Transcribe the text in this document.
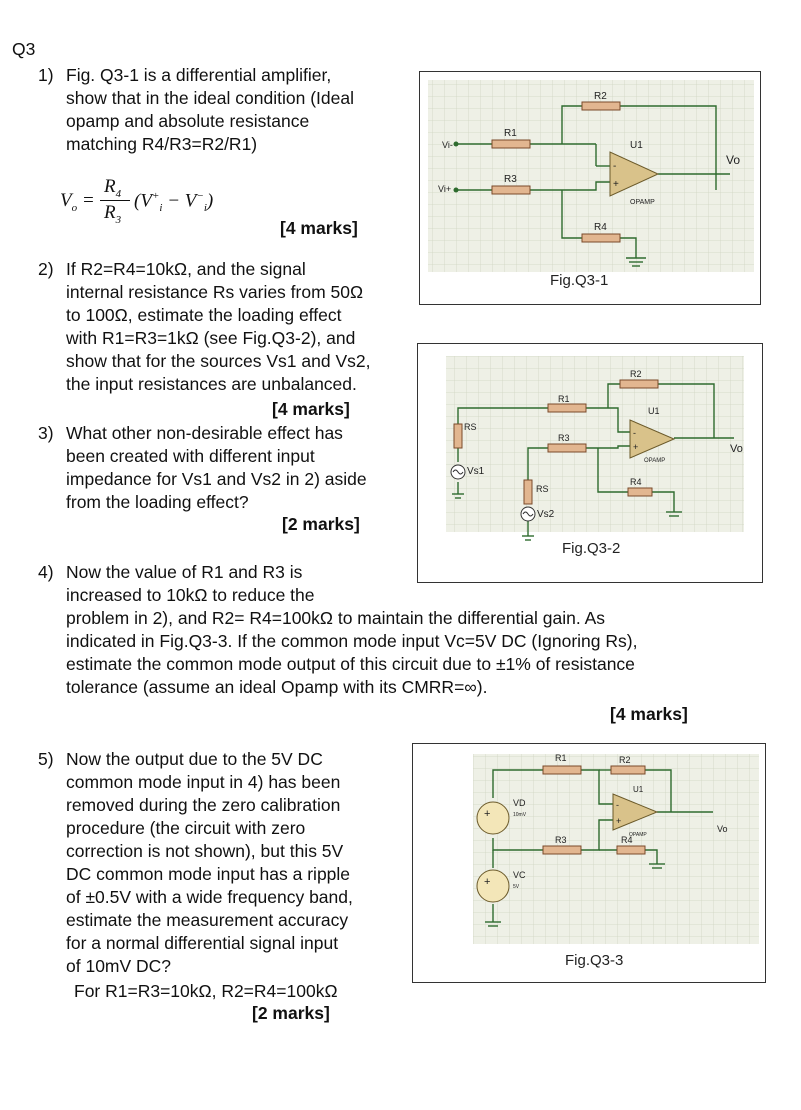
Q3
1) Fig. Q3-1 is a differential amplifier,
show that in the ideal condition (Ideal
opamp and absolute resistance
matching R4/R3=R2/R1)
$V_o$ =
$R_4$
$R_3$
$(V^+_i - V^-_i)$
[4 marks]
2) If R2=R4=10kΩ, and the signal
internal resistance Rs varies from 50Ω
to 100Ω, estimate the loading effect
with R1=R3=1kΩ (see Fig.Q3-2), and
show that for the sources Vs1 and Vs2,
the input resistances are unbalanced.
[4 marks]
3) What other non-desirable effect has
been created with different input
impedance for Vs1 and Vs2 in 2) aside
from the loading effect?
[2 marks]
4) Now the value of R1 and R3 is
increased to 10kΩ to reduce the
problem in 2), and R2= R4=100kΩ to maintain the differential gain. As
indicated in Fig.Q3-3. If the common mode input Vc=5V DC (Ignoring Rs),
estimate the common mode output of this circuit due to ±1% of resistance
tolerance (assume an ideal Opamp with its CMRR=∞).
[4 marks]
5) Now the output due to the 5V DC
common mode input in 4) has been
removed during the zero calibration
procedure (the circuit with zero
correction is not shown), but this 5V
DC common mode input has a ripple
of ±0.5V with a wide frequency band,
estimate the measurement accuracy
for a normal differential signal input
of 10mV DC?
For R1=R3=10kΩ, R2=R4=100kΩ
[2 marks]
R1
R2
R3
R4
U1
OPAMP
Vi-
Vi+
Vo
-
+
Fig.Q3-1
R1
R2
R3
R4
U1
OPAMP
RS
RS
Vs1
Vs2
Vo
-
+
Fig.Q3-2
R1	R2
R3	R4
U1
OPAMP
VD
10mV
VC
5V
Vo
-
+
+
+
Fig.Q3-3
